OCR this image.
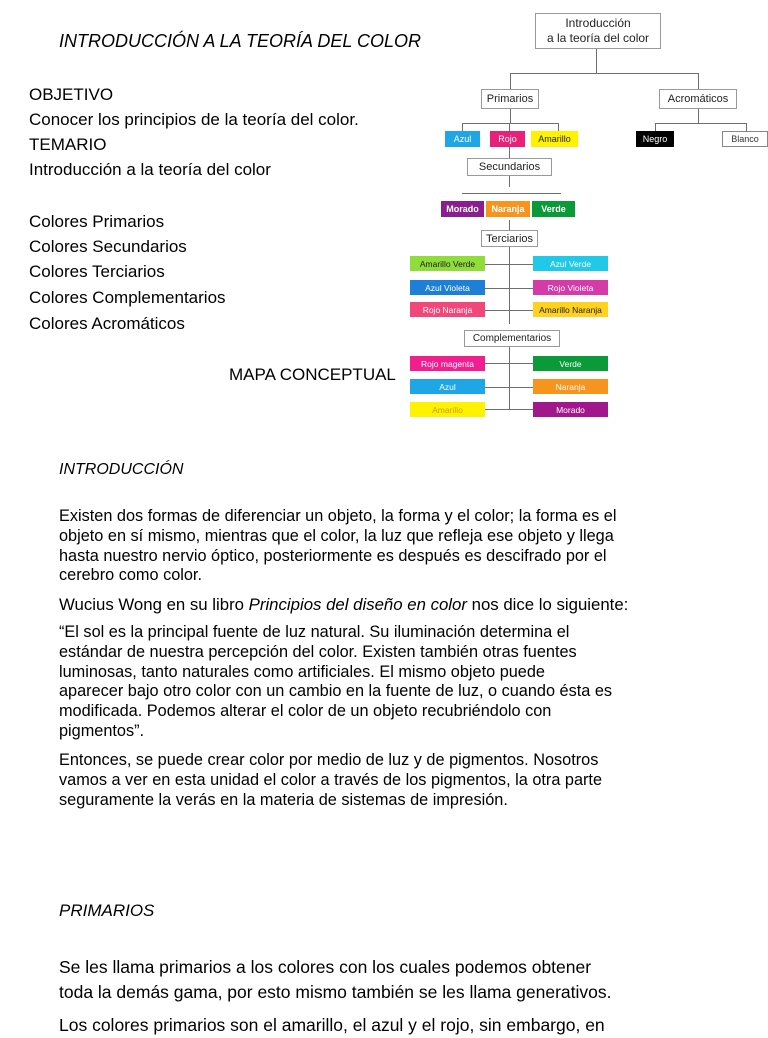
INTRODUCCIÓN A LA TEORÍA DEL COLOR
OBJETIVO
Conocer los principios de la teoría del color.
TEMARIO
Introducción a la teoría del color
Colores Primarios
Colores Secundarios
Colores Terciarios
Colores Complementarios
Colores Acromáticos
MAPA CONCEPTUAL
Introducción
a la teoría del color
Primarios	Acromáticos
Azul	Rojo	Amarillo	Negro	Blanco
Secundarios
Morado	Naranja	Verde
Terciarios
Amarillo Verde
Azul Violeta
Rojo Naranja
Azul Verde
Rojo Violeta
Amarillo Naranja
Complementarios
Rojo magenta
Azul
Amarillo
Verde
Naranja
Morado
INTRODUCCIÓN
Existen dos formas de diferenciar un objeto, la forma y el color; la forma es el
objeto en sí mismo, mientras que el color, la luz que refleja ese objeto y llega
hasta nuestro nervio óptico, posteriormente es después es descifrado por el
cerebro como color.
Wucius Wong en su libro Principios del diseño en color nos dice lo siguiente:
“El sol es la principal fuente de luz natural. Su iluminación determina el
estándar de nuestra percepción del color. Existen también otras fuentes
luminosas, tanto naturales como artificiales. El mismo objeto puede
aparecer bajo otro color con un cambio en la fuente de luz, o cuando ésta es
modificada. Podemos alterar el color de un objeto recubriéndolo con
pigmentos”.
Entonces, se puede crear color por medio de luz y de pigmentos. Nosotros
vamos a ver en esta unidad el color a través de los pigmentos, la otra parte
seguramente la verás en la materia de sistemas de impresión.
PRIMARIOS
Se les llama primarios a los colores con los cuales podemos obtener
toda la demás gama, por esto mismo también se les llama generativos.
Los colores primarios son el amarillo, el azul y el rojo, sin embargo, en
